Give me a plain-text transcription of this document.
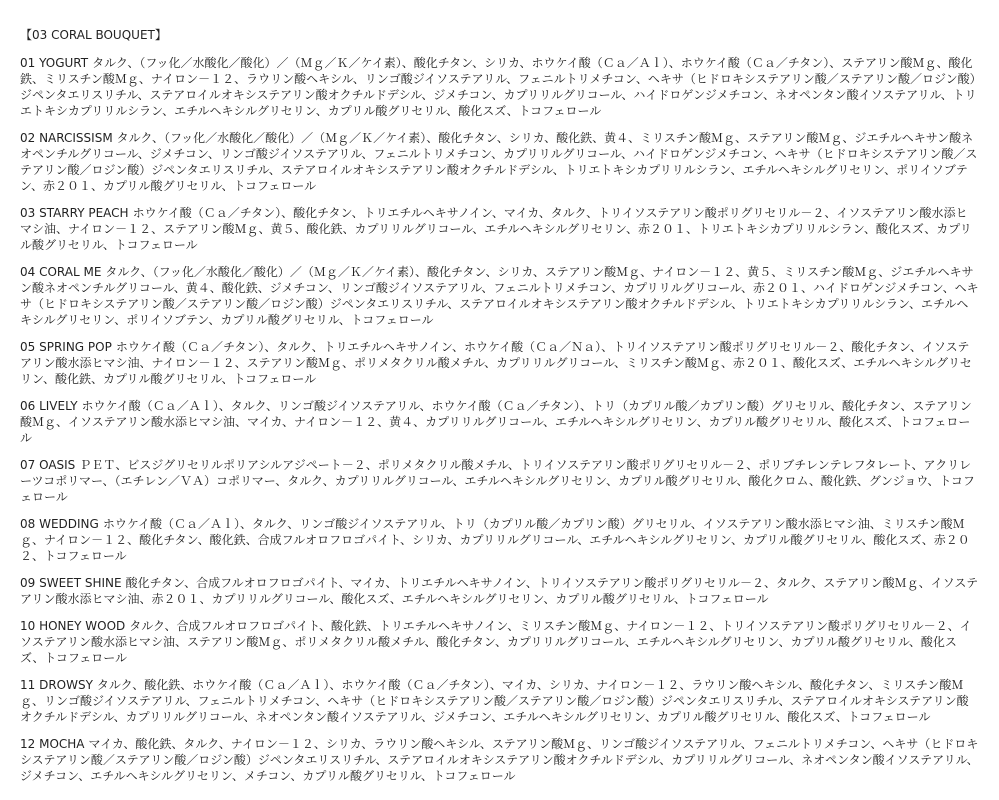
【03 CORAL BOUQUET】
01 YOGURT タルク、（フッ化／水酸化／酸化）／（Ｍｇ／Ｋ／ケイ素）、酸化チタン、シリカ、ホウケイ酸（Ｃａ／Ａｌ）、ホウケイ酸（Ｃａ／チタン）、ステアリン酸Ｍｇ、酸化鉄、ミリスチン酸Ｍｇ、ナイロン－１２、ラウリン酸ヘキシル、リンゴ酸ジイソステアリル、フェニルトリメチコン、ヘキサ（ヒドロキシステアリン酸／ステアリン酸／ロジン酸）ジペンタエリスリチル、ステアロイルオキシステアリン酸オクチルドデシル、ジメチコン、カプリリルグリコール、ハイドロゲンジメチコン、ネオペンタン酸イソステアリル、トリエトキシカプリリルシラン、エチルヘキシルグリセリン、カプリル酸グリセリル、酸化スズ、トコフェロール
02 NARCISSISM タルク、（フッ化／水酸化／酸化）／（Ｍｇ／Ｋ／ケイ素）、酸化チタン、シリカ、酸化鉄、黄４、ミリスチン酸Ｍｇ、ステアリン酸Ｍｇ、ジエチルヘキサン酸ネオペンチルグリコール、ジメチコン、リンゴ酸ジイソステアリル、フェニルトリメチコン、カプリリルグリコール、ハイドロゲンジメチコン、ヘキサ（ヒドロキシステアリン酸／ステアリン酸／ロジン酸）ジペンタエリスリチル、ステアロイルオキシステアリン酸オクチルドデシル、トリエトキシカプリリルシラン、エチルヘキシルグリセリン、ポリイソブテン、赤２０１、カプリル酸グリセリル、トコフェロール
03 STARRY PEACH ホウケイ酸（Ｃａ／チタン）、酸化チタン、トリエチルヘキサノイン、マイカ、タルク、トリイソステアリン酸ポリグリセリル－２、イソステアリン酸水添ヒマシ油、ナイロン－１２、ステアリン酸Ｍｇ、黄５、酸化鉄、カプリリルグリコール、エチルヘキシルグリセリン、赤２０１、トリエトキシカプリリルシラン、酸化スズ、カプリル酸グリセリル、トコフェロール
04 CORAL ME タルク、（フッ化／水酸化／酸化）／（Ｍｇ／Ｋ／ケイ素）、酸化チタン、シリカ、ステアリン酸Ｍｇ、ナイロン－１２、黄５、ミリスチン酸Ｍｇ、ジエチルヘキサン酸ネオペンチルグリコール、黄４、酸化鉄、ジメチコン、リンゴ酸ジイソステアリル、フェニルトリメチコン、カプリリルグリコール、赤２０１、ハイドロゲンジメチコン、ヘキサ（ヒドロキシステアリン酸／ステアリン酸／ロジン酸）ジペンタエリスリチル、ステアロイルオキシステアリン酸オクチルドデシル、トリエトキシカプリリルシラン、エチルヘキシルグリセリン、ポリイソブテン、カプリル酸グリセリル、トコフェロール
05 SPRING POP ホウケイ酸（Ｃａ／チタン）、タルク、トリエチルヘキサノイン、ホウケイ酸（Ｃａ／Ｎａ）、トリイソステアリン酸ポリグリセリル－２、酸化チタン、イソステアリン酸水添ヒマシ油、ナイロン－１２、ステアリン酸Ｍｇ、ポリメタクリル酸メチル、カプリリルグリコール、ミリスチン酸Ｍｇ、赤２０１、酸化スズ、エチルヘキシルグリセリン、酸化鉄、カプリル酸グリセリル、トコフェロール
06 LIVELY ホウケイ酸（Ｃａ／Ａｌ）、タルク、リンゴ酸ジイソステアリル、ホウケイ酸（Ｃａ／チタン）、トリ（カプリル酸／カプリン酸）グリセリル、酸化チタン、ステアリン酸Ｍｇ、イソステアリン酸水添ヒマシ油、マイカ、ナイロン－１２、黄４、カプリリルグリコール、エチルヘキシルグリセリン、カプリル酸グリセリル、酸化スズ、トコフェロール
07 OASIS ＰＥＴ、ビスジグリセリルポリアシルアジペート－２、ポリメタクリル酸メチル、トリイソステアリン酸ポリグリセリル－２、ポリブチレンテレフタレート、アクリレーツコポリマー、（エチレン／ＶＡ）コポリマー、タルク、カプリリルグリコール、エチルヘキシルグリセリン、カプリル酸グリセリル、酸化クロム、酸化鉄、グンジョウ、トコフェロール
08 WEDDING ホウケイ酸（Ｃａ／Ａｌ）、タルク、リンゴ酸ジイソステアリル、トリ（カプリル酸／カプリン酸）グリセリル、イソステアリン酸水添ヒマシ油、ミリスチン酸Ｍｇ、ナイロン－１２、酸化チタン、酸化鉄、合成フルオロフロゴパイト、シリカ、カプリリルグリコール、エチルヘキシルグリセリン、カプリル酸グリセリル、酸化スズ、赤２０２、トコフェロール
09 SWEET SHINE 酸化チタン、合成フルオロフロゴパイト、マイカ、トリエチルヘキサノイン、トリイソステアリン酸ポリグリセリル－２、タルク、ステアリン酸Ｍｇ、イソステアリン酸水添ヒマシ油、赤２０１、カプリリルグリコール、酸化スズ、エチルヘキシルグリセリン、カプリル酸グリセリル、トコフェロール
10 HONEY WOOD タルク、合成フルオロフロゴパイト、酸化鉄、トリエチルヘキサノイン、ミリスチン酸Ｍｇ、ナイロン－１２、トリイソステアリン酸ポリグリセリル－２、イソステアリン酸水添ヒマシ油、ステアリン酸Ｍｇ、ポリメタクリル酸メチル、酸化チタン、カプリリルグリコール、エチルヘキシルグリセリン、カプリル酸グリセリル、酸化スズ、トコフェロール
11 DROWSY タルク、酸化鉄、ホウケイ酸（Ｃａ／Ａｌ）、ホウケイ酸（Ｃａ／チタン）、マイカ、シリカ、ナイロン－１２、ラウリン酸ヘキシル、酸化チタン、ミリスチン酸Ｍｇ、リンゴ酸ジイソステアリル、フェニルトリメチコン、ヘキサ（ヒドロキシステアリン酸／ステアリン酸／ロジン酸）ジペンタエリスリチル、ステアロイルオキシステアリン酸オクチルドデシル、カプリリルグリコール、ネオペンタン酸イソステアリル、ジメチコン、エチルヘキシルグリセリン、カプリル酸グリセリル、酸化スズ、トコフェロール
12 MOCHA マイカ、酸化鉄、タルク、ナイロン－１２、シリカ、ラウリン酸ヘキシル、ステアリン酸Ｍｇ、リンゴ酸ジイソステアリル、フェニルトリメチコン、ヘキサ（ヒドロキシステアリン酸／ステアリン酸／ロジン酸）ジペンタエリスリチル、ステアロイルオキシステアリン酸オクチルドデシル、カプリリルグリコール、ネオペンタン酸イソステアリル、ジメチコン、エチルヘキシルグリセリン、メチコン、カプリル酸グリセリル、トコフェロール
